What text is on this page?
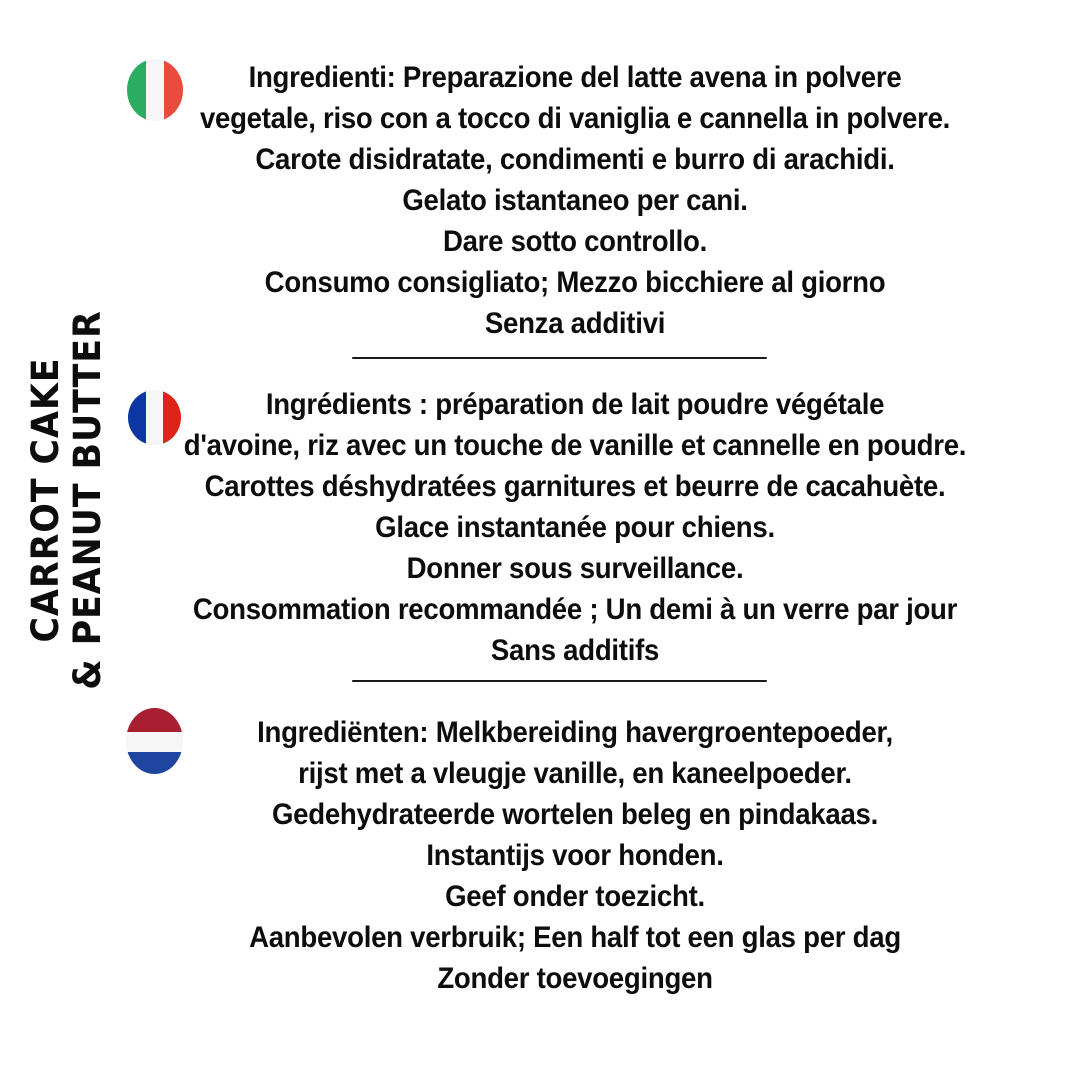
CARROT CAKE & PEANUT BUTTER

Ingredienti: Preparazione del latte avena in polvere

vegetale, riso con a tocco di vaniglia e cannella in polvere.

Carote disidratate, condimenti e burro di arachidi.

Gelato istantaneo per cani.

Dare sotto controllo.

Consumo consigliato; Mezzo bicchiere al giorno

Senza additivi

Ingrédients : préparation de lait poudre végétale

d'avoine, riz avec un touche de vanille et cannelle en poudre.

Carottes déshydratées garnitures et beurre de cacahuète.

Glace instantanée pour chiens.

Donner sous surveillance.

Consommation recommandée ; Un demi à un verre par jour

Sans additifs

Ingrediënten: Melkbereiding havergroentepoeder,

rijst met a vleugje vanille, en kaneelpoeder.

Gedehydrateerde wortelen beleg en pindakaas.

Instantijs voor honden.

Geef onder toezicht.

Aanbevolen verbruik; Een half tot een glas per dag

Zonder toevoegingen
